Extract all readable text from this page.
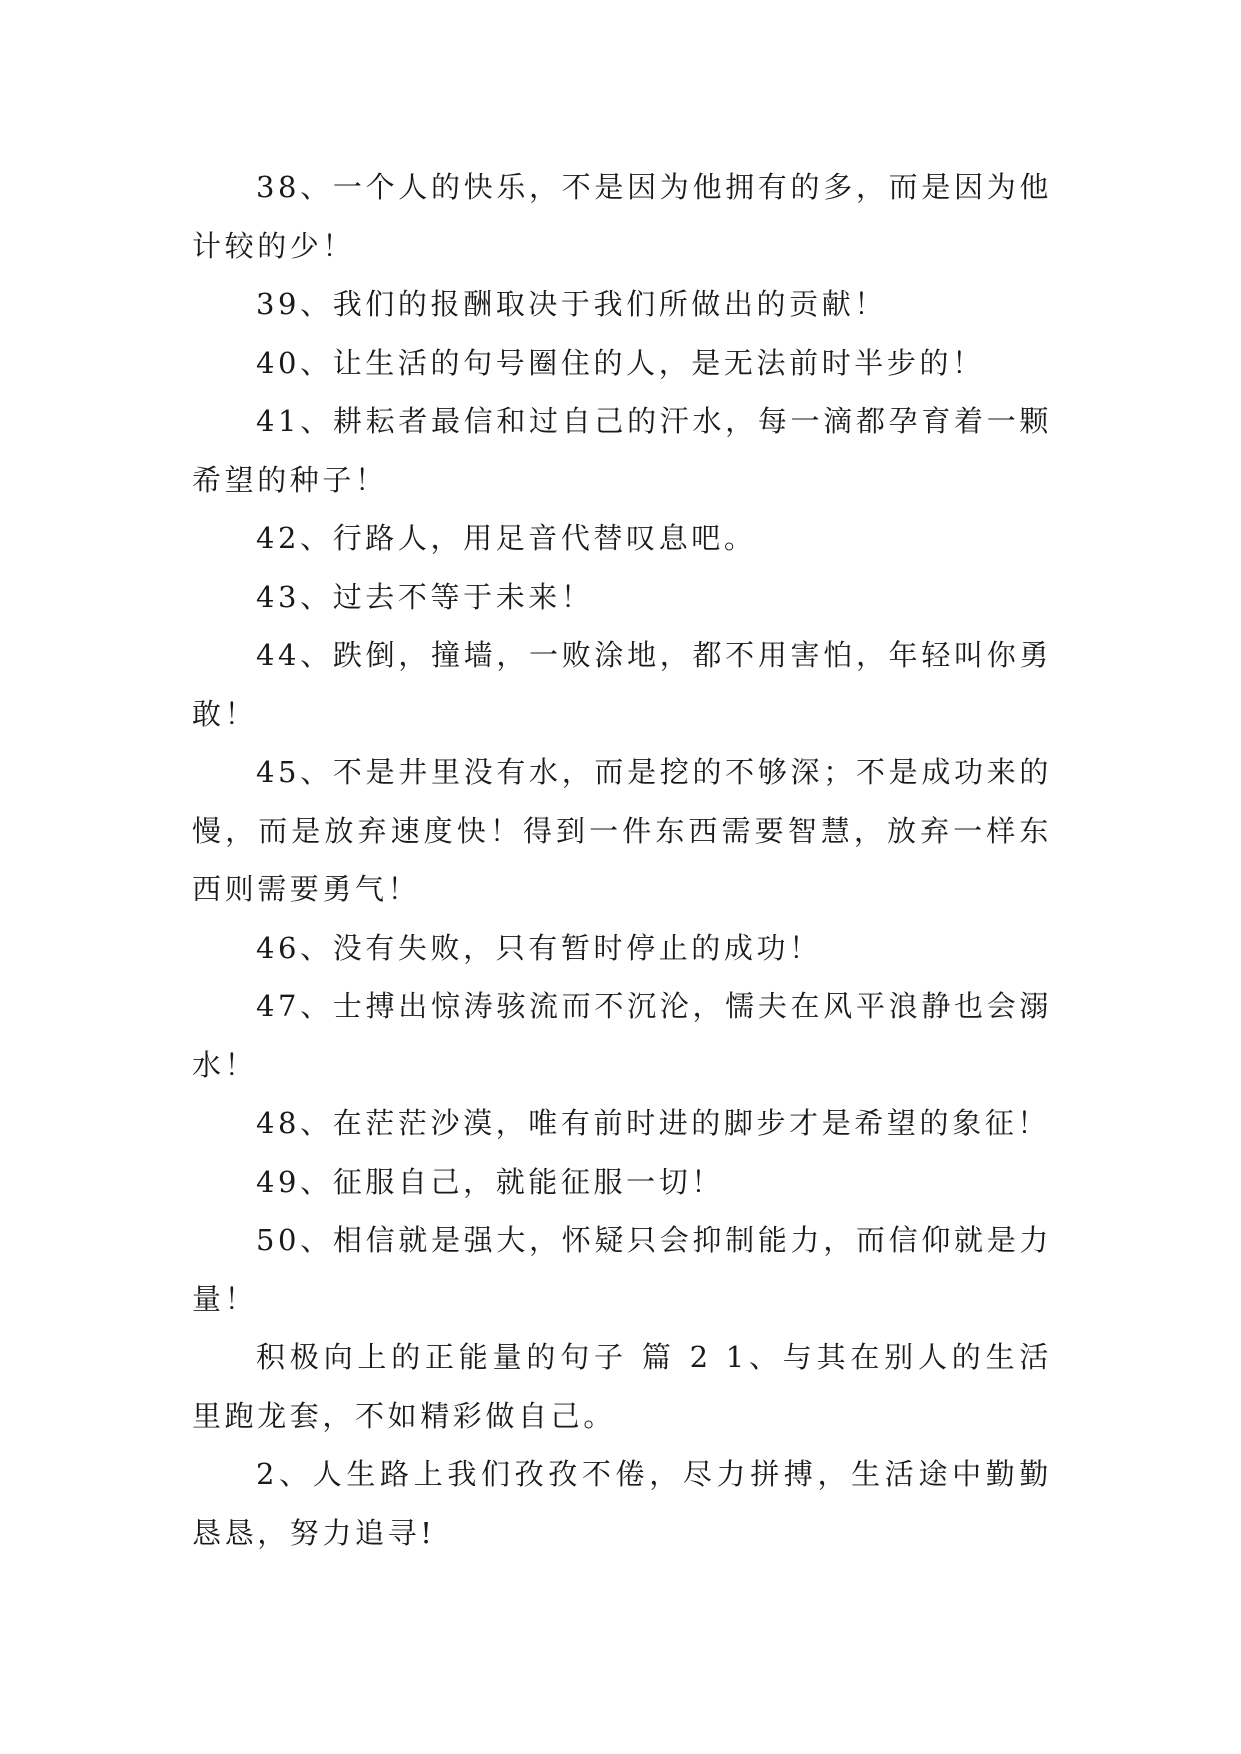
38、一个人的快乐，不是因为他拥有的多，而是因为他计较的少！

39、我们的报酬取决于我们所做出的贡献！

40、让生活的句号圈住的人，是无法前时半步的！

41、耕耘者最信和过自己的汗水，每一滴都孕育着一颗希望的种子！

42、行路人，用足音代替叹息吧。

43、过去不等于未来！

44、跌倒，撞墙，一败涂地，都不用害怕，年轻叫你勇敢！

45、不是井里没有水，而是挖的不够深；不是成功来的慢，而是放弃速度快！得到一件东西需要智慧，放弃一样东西则需要勇气！

46、没有失败，只有暂时停止的成功！

47、士搏出惊涛骇流而不沉沦，懦夫在风平浪静也会溺水！

48、在茫茫沙漠，唯有前时进的脚步才是希望的象征！

49、征服自己，就能征服一切！

50、相信就是强大，怀疑只会抑制能力，而信仰就是力量！

积极向上的正能量的句子 篇 2 1、与其在别人的生活里跑龙套，不如精彩做自己。

2、人生路上我们孜孜不倦，尽力拼搏，生活途中勤勤恳恳，努力追寻!
